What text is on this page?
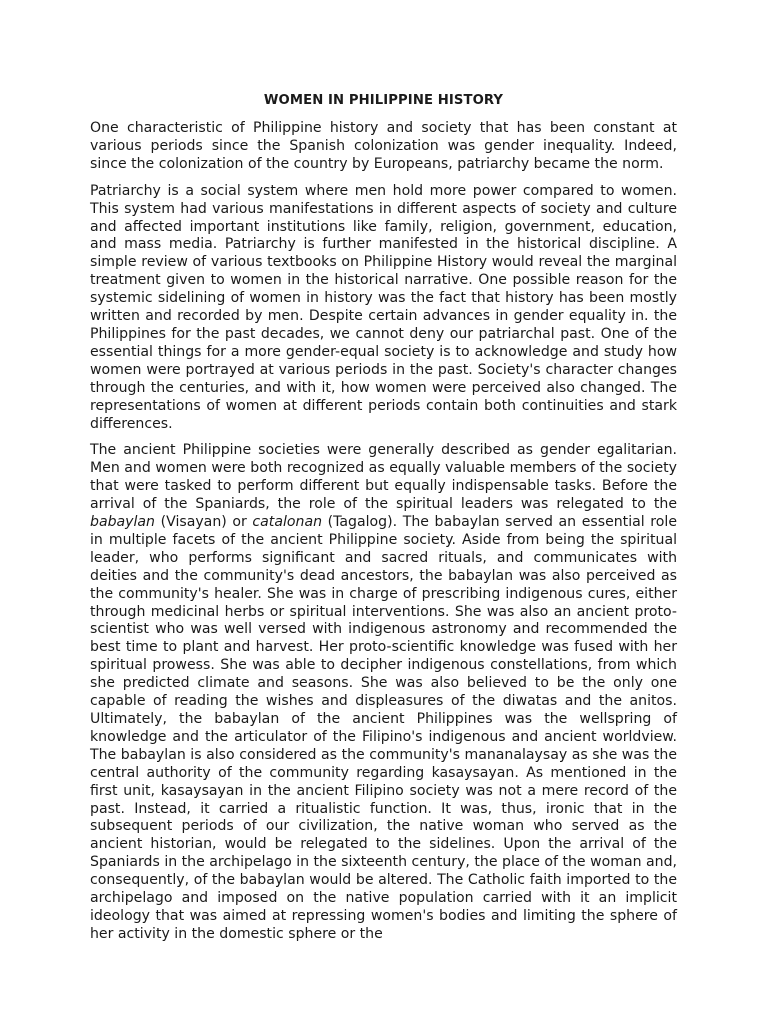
WOMEN IN PHILIPPINE HISTORY

One characteristic of Philippine history and society that has been constant at various periods since the Spanish colonization was gender inequality. Indeed, since the colonization of the country by Europeans, patriarchy became the norm.

Patriarchy is a social system where men hold more power compared to women. This system had various manifestations in different aspects of society and culture and affected important institutions like family, religion, government, education, and mass media. Patriarchy is further manifested in the historical discipline. A simple review of various textbooks on Philippine History would reveal the marginal treatment given to women in the historical narrative. One possible reason for the systemic sidelining of women in history was the fact that history has been mostly written and recorded by men. Despite certain advances in gender equality in. the Philippines for the past decades, we cannot deny our patriarchal past. One of the essential things for a more gender-equal society is to acknowledge and study how women were portrayed at various periods in the past. Society's character changes through the centuries, and with it, how women were perceived also changed. The representations of women at different periods contain both continuities and stark differences.

The ancient Philippine societies were generally described as gender egalitarian. Men and women were both recognized as equally valuable members of the society that were tasked to perform different but equally indispensable tasks. Before the arrival of the Spaniards, the role of the spiritual leaders was relegated to the babaylan (Visayan) or catalonan (Tagalog). The babaylan served an essential role in multiple facets of the ancient Philippine society. Aside from being the spiritual leader, who performs significant and sacred rituals, and communicates with deities and the community's dead ancestors, the babaylan was also perceived as the community's healer. She was in charge of prescribing indigenous cures, either through medicinal herbs or spiritual interventions. She was also an ancient proto-scientist who was well versed with indigenous astronomy and recommended the best time to plant and harvest. Her proto-scientific knowledge was fused with her spiritual prowess. She was able to decipher indigenous constellations, from which she predicted climate and seasons. She was also believed to be the only one capable of reading the wishes and displeasures of the diwatas and the anitos. Ultimately, the babaylan of the ancient Philippines was the wellspring of knowledge and the articulator of the Filipino's indigenous and ancient worldview. The babaylan is also considered as the community's mananalaysay as she was the central authority of the community regarding kasaysayan. As mentioned in the first unit, kasaysayan in the ancient Filipino society was not a mere record of the past. Instead, it carried a ritualistic function. It was, thus, ironic that in the subsequent periods of our civilization, the native woman who served as the ancient historian, would be relegated to the sidelines. Upon the arrival of the Spaniards in the archipelago in the sixteenth century, the place of the woman and, consequently, of the babaylan would be altered. The Catholic faith imported to the archipelago and imposed on the native population carried with it an implicit ideology that was aimed at repressing women's bodies and limiting the sphere of her activity in the domestic sphere or the
